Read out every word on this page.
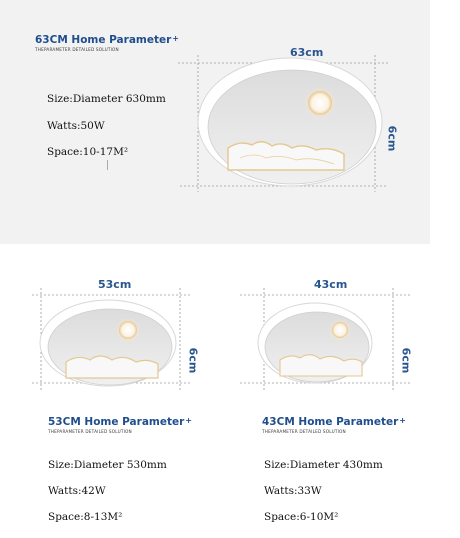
63CM Home Parameter+
THEPARAMETER DETAILED SOLUTION
Size:Diameter 630mm
Watts:50W
Space:10-17M²
63cm
6cm
53cm
6cm
53CM Home Parameter+
THEPARAMETER DETAILED SOLUTION
Size:Diameter 530mm
Watts:42W
Space:8-13M²
43cm
6cm
43CM Home Parameter+
THEPARAMETER DETAILED SOLUTION
Size:Diameter 430mm
Watts:33W
Space:6-10M²
